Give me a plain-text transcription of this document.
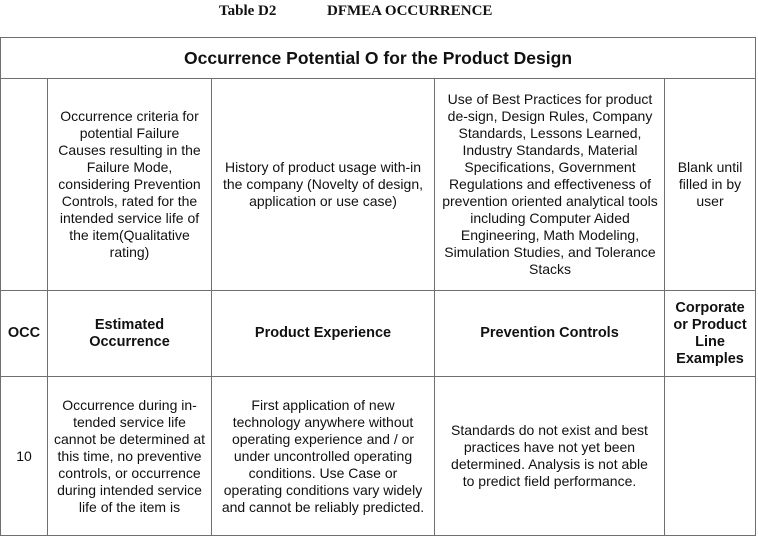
Table D2	DFMEA OCCURRENCE
Occurrence Potential O for the Product Design				

	Occurrence criteria for potential Failure Causes resulting in the Failure Mode, considering Prevention Controls, rated for the intended service life of the item(Qualitative rating)	History of product usage with-in the company (Novelty of design, application or use case)	Use of Best Practices for product de-sign, Design Rules, Company Standards, Lessons Learned, Industry Standards, Material Specifications, Government Regulations and effectiveness of prevention oriented analytical tools including Computer Aided Engineering, Math Modeling, Simulation Studies, and Tolerance Stacks	Blank until filled in by user

OCC	Estimated Occurrence	Product Experience	Prevention Controls	Corporate or Product Line Examples

10	Occurrence during in-tended service life cannot be determined at this time, no preventive controls, or occurrence during intended service life of the item is	First application of new technology anywhere without operating experience and / or under uncontrolled operating conditions. Use Case or operating conditions vary widely and cannot be reliably predicted.	Standards do not exist and best practices have not yet been determined. Analysis is not able to predict field performance.	
